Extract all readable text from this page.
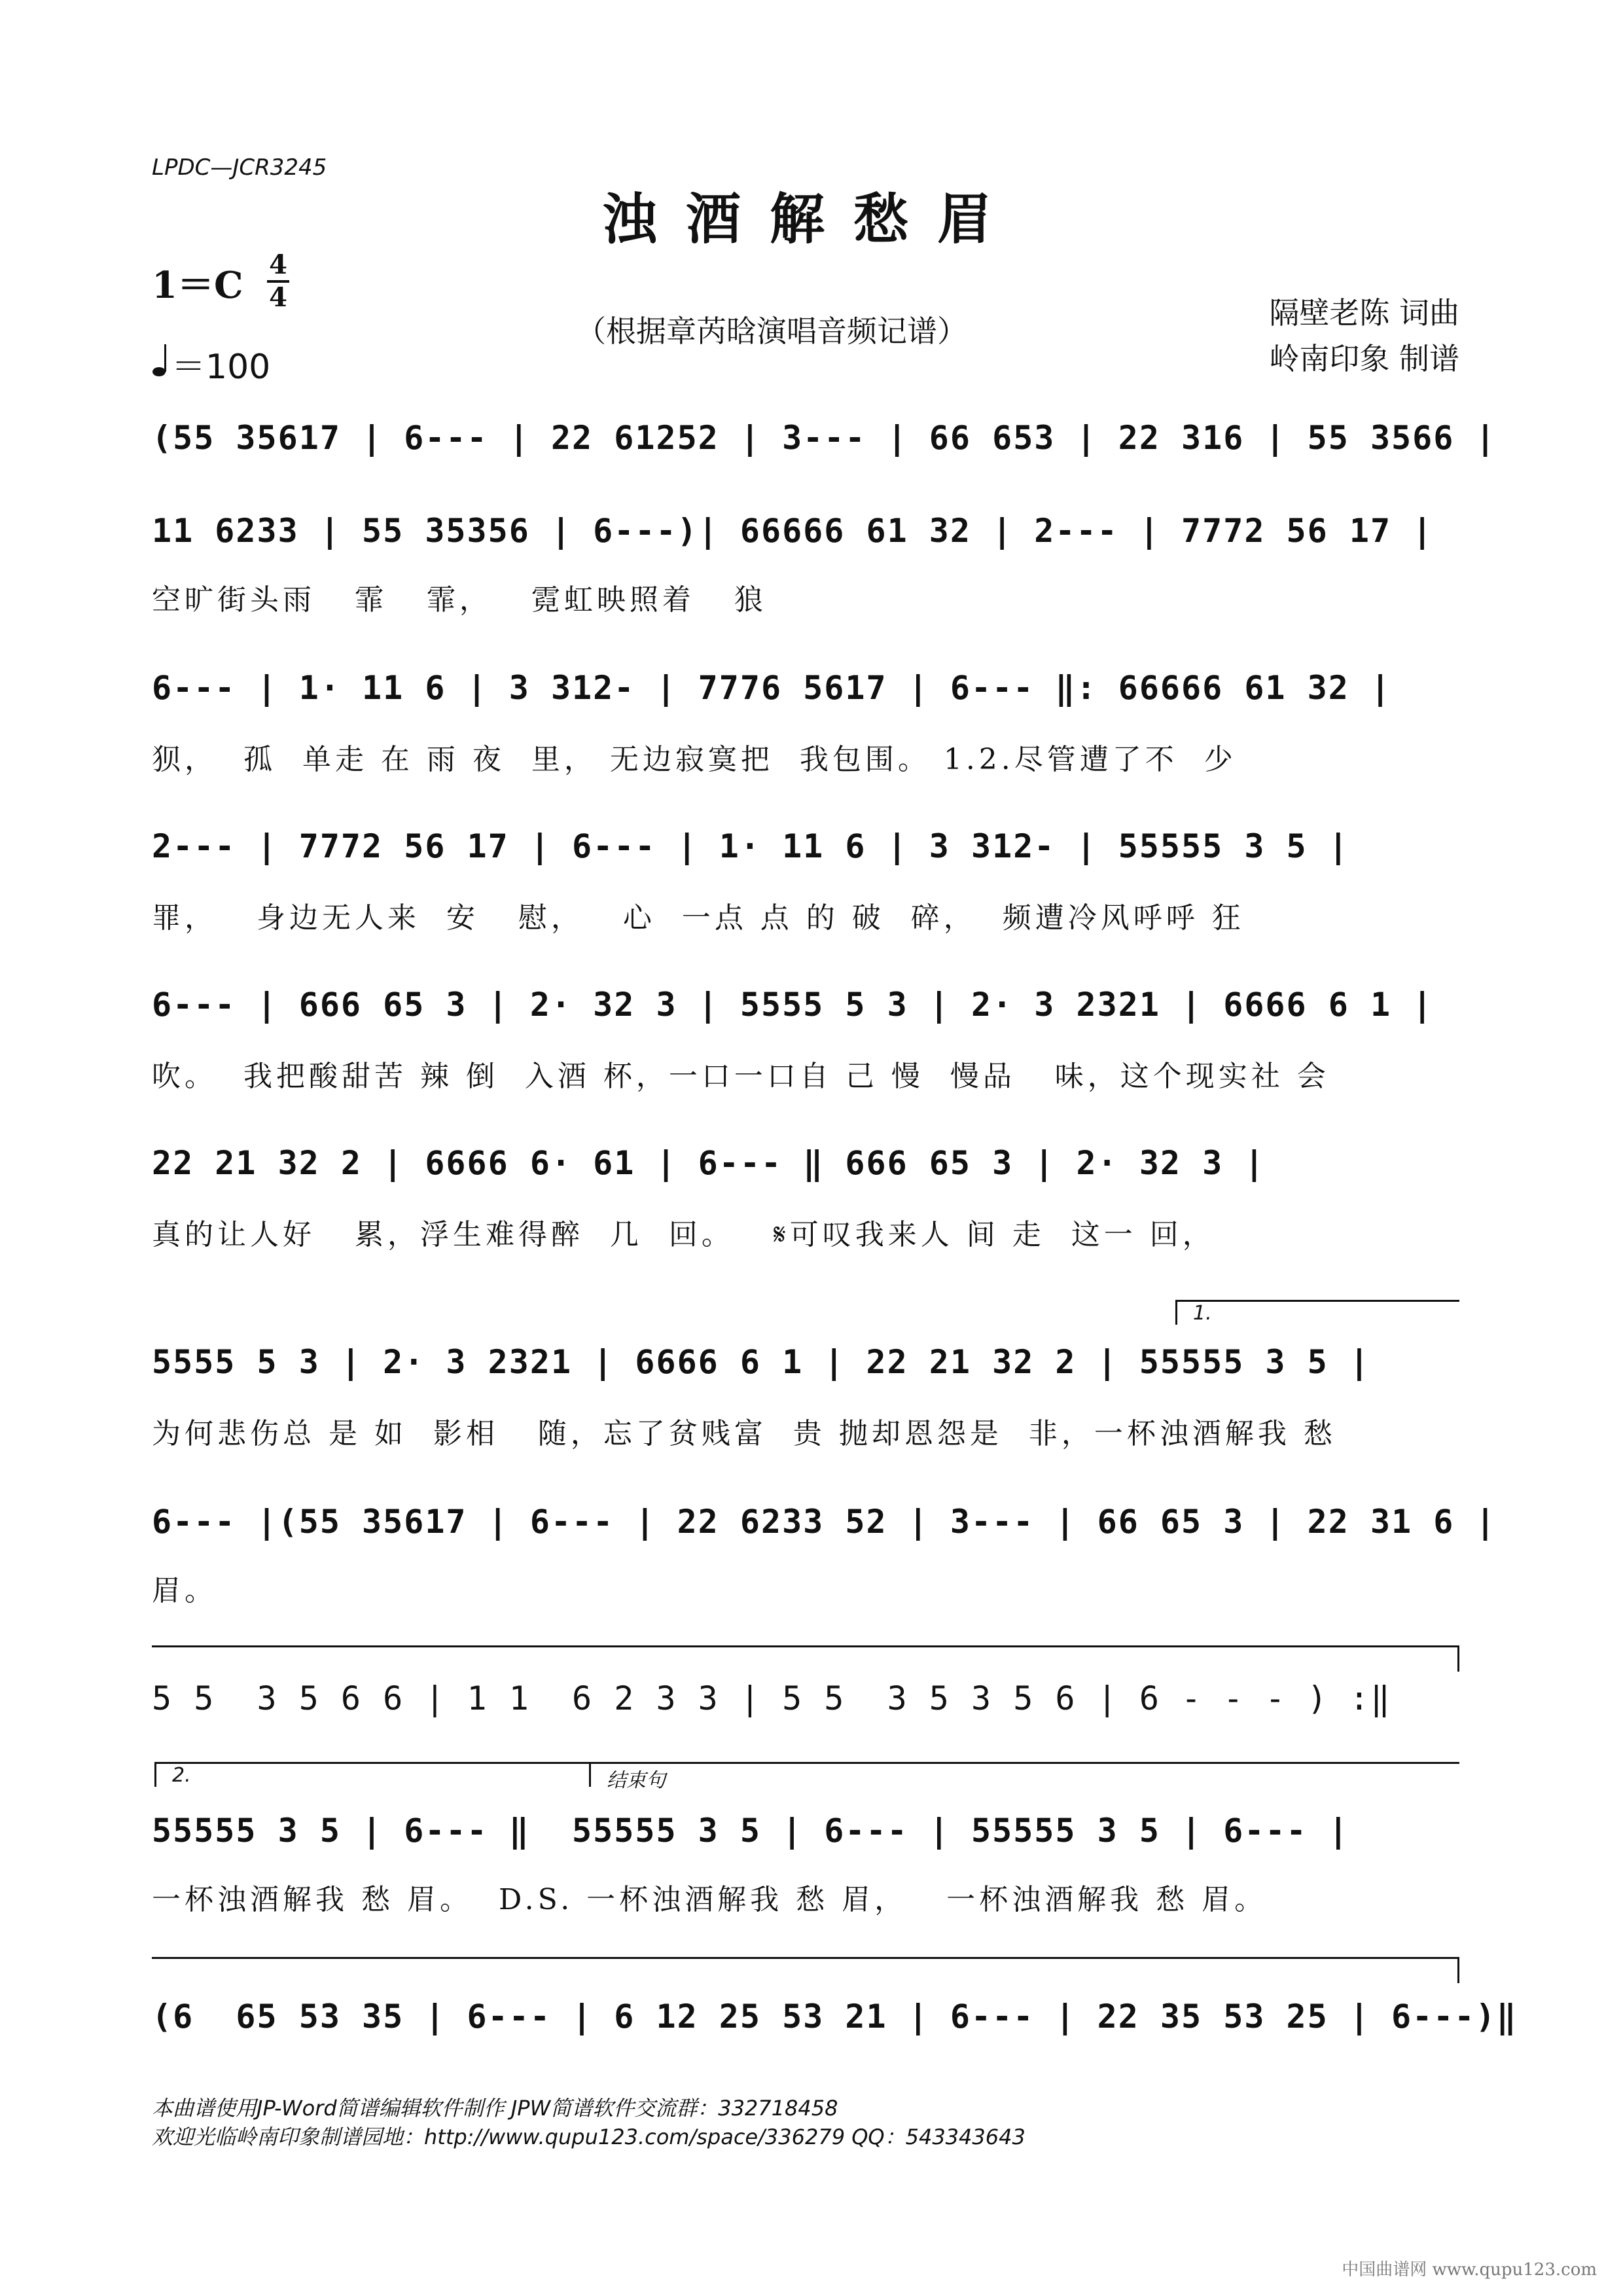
LPDC—JCR3245
浊酒解愁眉
1＝C 4
4
＝100
（根据章芮晗演唱音频记谱）
隔壁老陈 词曲
岭南印象 制谱
(55 35617 | 6--- | 22 61252 | 3--- | 66 653 | 22 316 | 55 3566 |
11 6233 | 55 35356 | 6---)| 66666 61 32 | 2--- | 7772 56 17 |
空旷街头雨   霏   霏，   霓虹映照着   狼
6--- | 1· 11 6 | 3 312- | 7776 5617 | 6--- ‖: 66666 61 32 |
狈，  孤  单走 在 雨 夜  里， 无边寂寞把  我包围。 1.2.尽管遭了不  少
2--- | 7772 56 17 | 6--- | 1· 11 6 | 3 312- | 55555 3 5 |
罪，   身边无人来  安   慰，   心  一点 点 的 破  碎，  频遭冷风呼呼 狂
6--- | 666 65 3 | 2· 32 3 | 5555 5 3 | 2· 3 2321 | 6666 6 1 |
吹。  我把酸甜苦 辣 倒  入酒 杯，一口一口自 己 慢  慢品   味，这个现实社 会
22 21 32 2 | 6666 6· 61 | 6--- ‖ 666 65 3 | 2· 32 3 |
真的让人好   累，浮生难得醉  几  回。   𝄋可叹我来人 间 走  这一 回，
1.
5555 5 3 | 2· 3 2321 | 6666 6 1 | 22 21 32 2 | 55555 3 5 |
为何悲伤总 是 如  影相   随，忘了贫贱富  贵 抛却恩怨是  非，一杯浊酒解我 愁
6--- |(55 35617 | 6--- | 22 6233 52 | 3--- | 66 65 3 | 22 31 6 |
眉。
5 5  3 5 6 6 | 1 1  6 2 3 3 | 5 5  3 5 3 5 6 | 6 - - - ) :‖
2.	结束句
55555 3 5 | 6--- ‖  55555 3 5 | 6--- | 55555 3 5 | 6--- |
一杯浊酒解我 愁 眉。  D.S. 一杯浊酒解我 愁 眉，   一杯浊酒解我 愁 眉。
(6  65 53 35 | 6--- | 6 12 25 53 21 | 6--- | 22 35 53 25 | 6---)‖
本曲谱使用JP-Word简谱编辑软件制作 JPW简谱软件交流群：332718458
欢迎光临岭南印象制谱园地：http://www.qupu123.com/space/336279 QQ：543343643
中国曲谱网 www.qupu123.com
